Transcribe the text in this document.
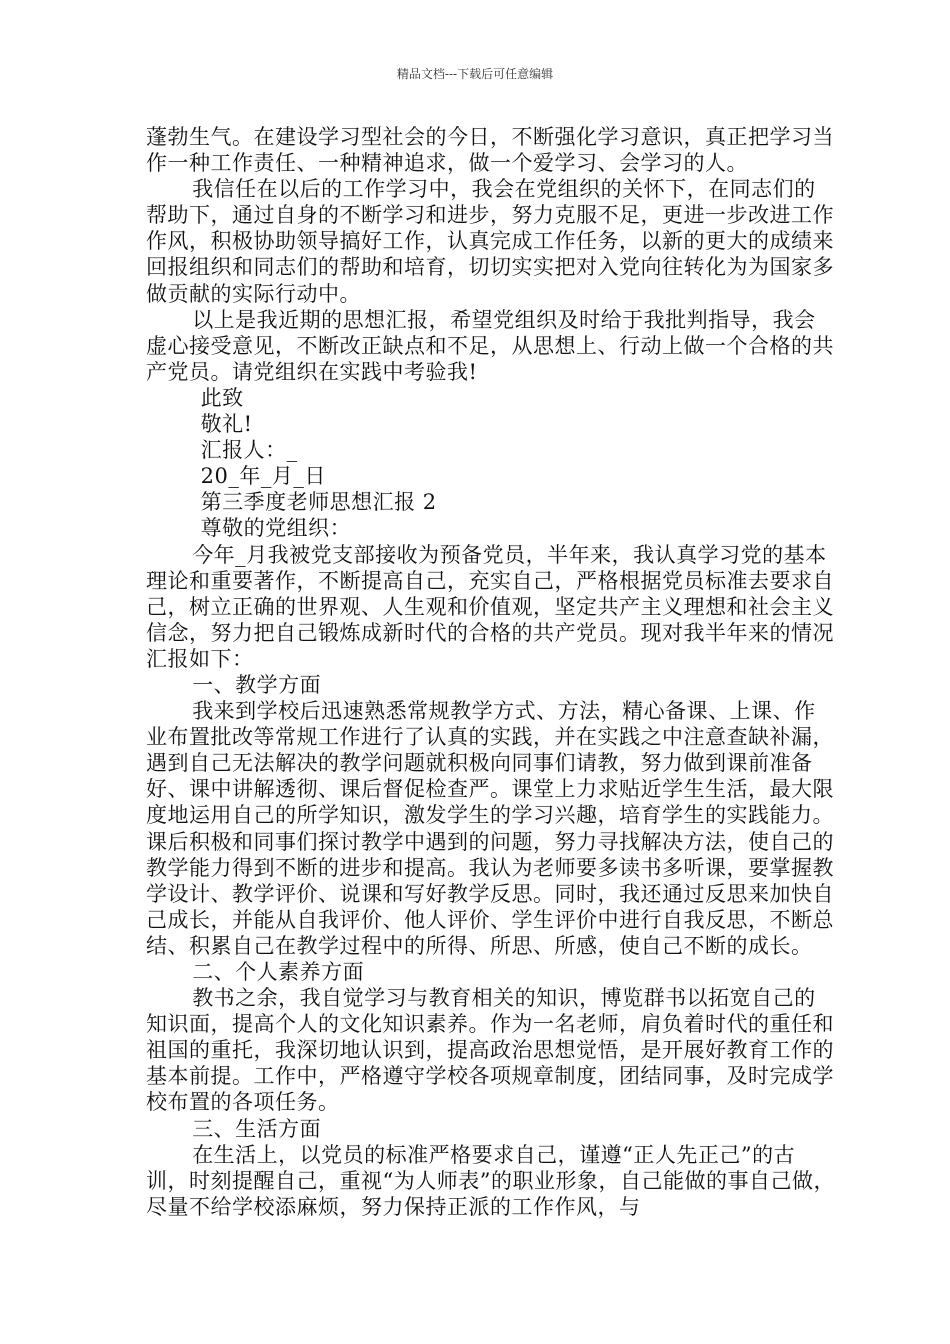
精品文档---下载后可任意编辑

蓬勃生气。在建设学习型社会的今日，不断强化学习意识，真正把学习当作一种工作责任、一种精神追求，做一个爱学习、会学习的人。

我信任在以后的工作学习中，我会在党组织的关怀下，在同志们的帮助下，通过自身的不断学习和进步，努力克服不足，更进一步改进工作作风，积极协助领导搞好工作，认真完成工作任务，以新的更大的成绩来回报组织和同志们的帮助和培育，切切实实把对入党向往转化为为国家多做贡献的实际行动中。

以上是我近期的思想汇报，希望党组织及时给于我批判指导，我会虚心接受意见，不断改正缺点和不足，从思想上、行动上做一个合格的共产党员。请党组织在实践中考验我!

此致

敬礼!

汇报人：_

20_年_月_日

第三季度老师思想汇报 2

尊敬的党组织：

今年_月我被党支部接收为预备党员，半年来，我认真学习党的基本理论和重要著作，不断提高自己，充实自己，严格根据党员标准去要求自己，树立正确的世界观、人生观和价值观，坚定共产主义理想和社会主义信念，努力把自己锻炼成新时代的合格的共产党员。现对我半年来的情况汇报如下：

一、教学方面

我来到学校后迅速熟悉常规教学方式、方法，精心备课、上课、作业布置批改等常规工作进行了认真的实践，并在实践之中注意查缺补漏，遇到自己无法解决的教学问题就积极向同事们请教，努力做到课前准备好、课中讲解透彻、课后督促检查严。课堂上力求贴近学生生活，最大限度地运用自己的所学知识，激发学生的学习兴趣，培育学生的实践能力。课后积极和同事们探讨教学中遇到的问题，努力寻找解决方法，使自己的教学能力得到不断的进步和提高。我认为老师要多读书多听课，要掌握教学设计、教学评价、说课和写好教学反思。同时，我还通过反思来加快自己成长，并能从自我评价、他人评价、学生评价中进行自我反思，不断总结、积累自己在教学过程中的所得、所思、所感，使自己不断的成长。

二、个人素养方面

教书之余，我自觉学习与教育相关的知识，博览群书以拓宽自己的知识面，提高个人的文化知识素养。作为一名老师，肩负着时代的重任和祖国的重托，我深切地认识到，提高政治思想觉悟，是开展好教育工作的基本前提。工作中，严格遵守学校各项规章制度，团结同事，及时完成学校布置的各项任务。

三、生活方面

在生活上，以党员的标准严格要求自己，谨遵“正人先正己”的古训，时刻提醒自己，重视“为人师表”的职业形象，自己能做的事自己做，尽量不给学校添麻烦，努力保持正派的工作作风，与
